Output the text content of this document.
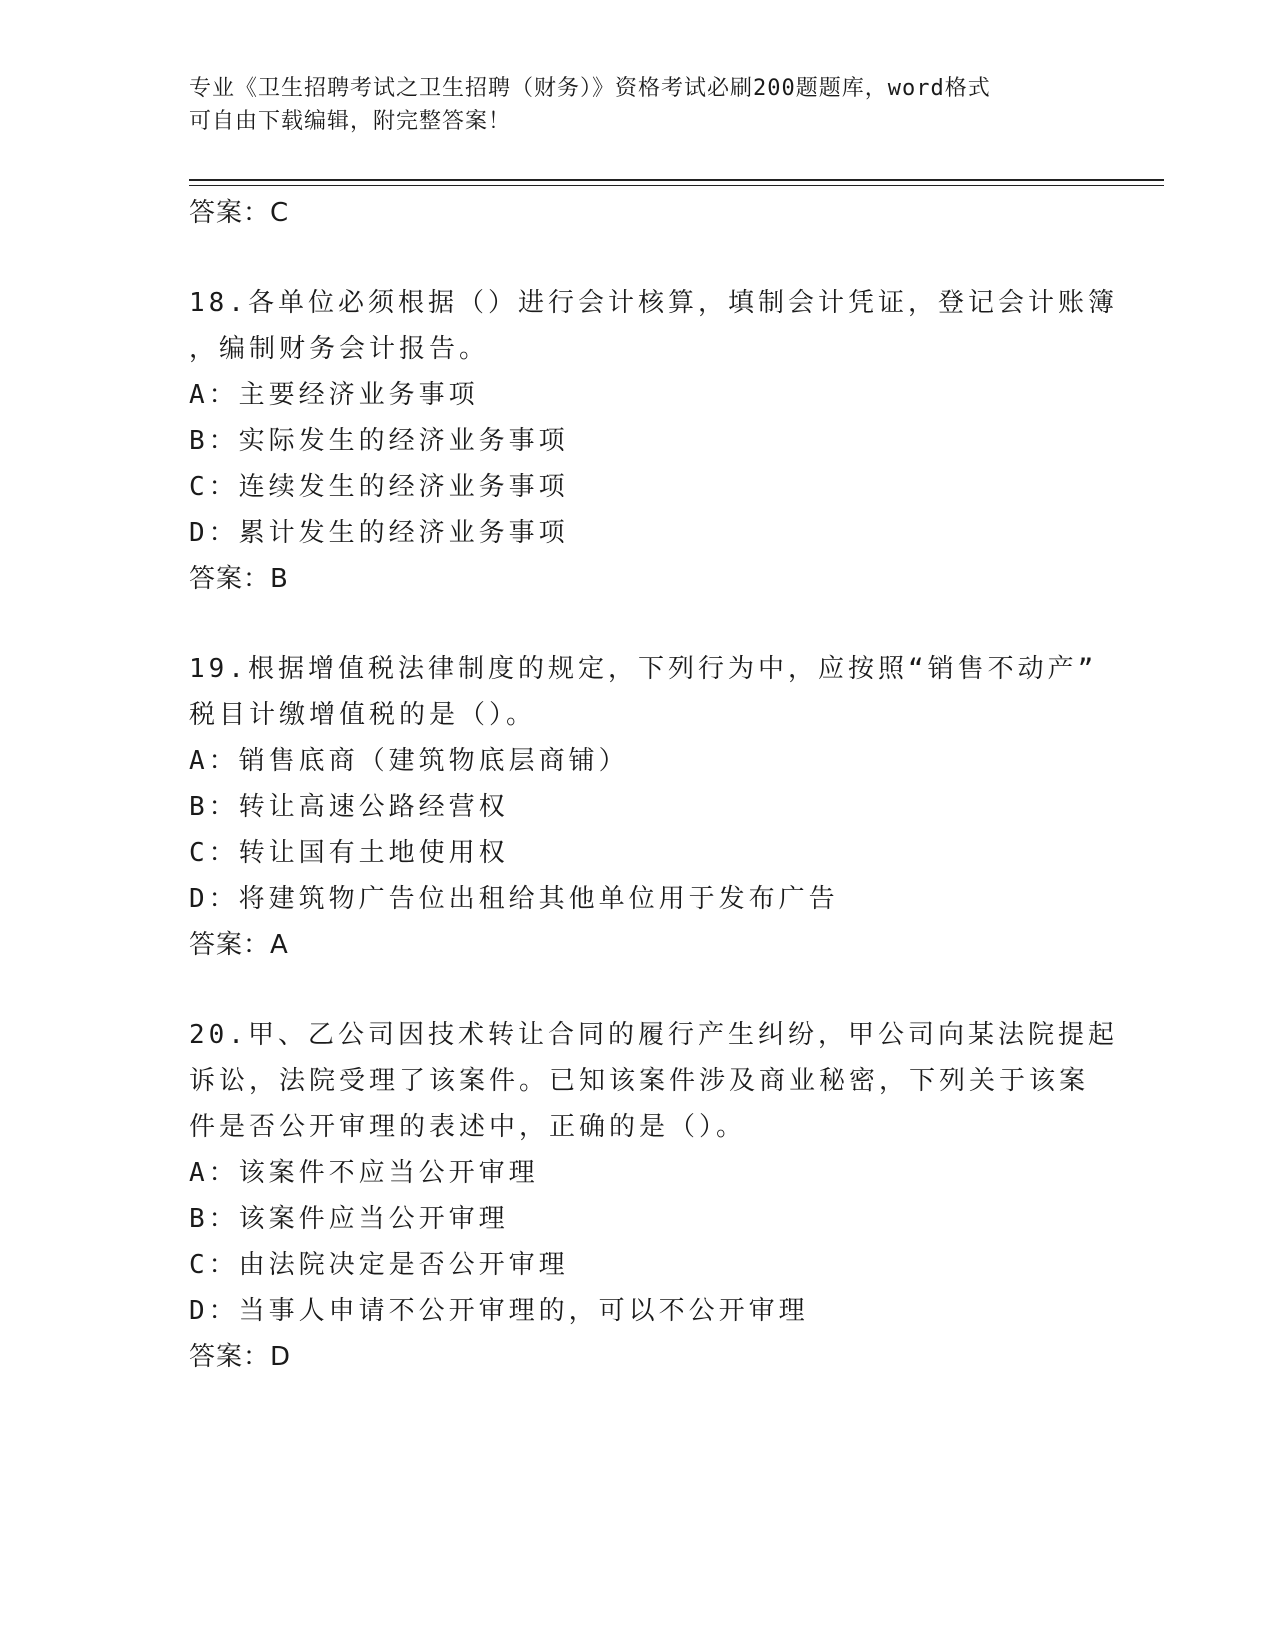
专业《卫生招聘考试之卫生招聘（财务）》资格考试必刷200题题库，word格式
可自由下载编辑，附完整答案！
答案：C
18.各单位必须根据（）进行会计核算，填制会计凭证，登记会计账簿
，编制财务会计报告。
A：主要经济业务事项
B：实际发生的经济业务事项
C：连续发生的经济业务事项
D：累计发生的经济业务事项
答案：B
19.根据增值税法律制度的规定，下列行为中，应按照“销售不动产”
税目计缴增值税的是（）。
A：销售底商（建筑物底层商铺）
B：转让高速公路经营权
C：转让国有土地使用权
D：将建筑物广告位出租给其他单位用于发布广告
答案：A
20.甲、乙公司因技术转让合同的履行产生纠纷，甲公司向某法院提起
诉讼，法院受理了该案件。已知该案件涉及商业秘密，下列关于该案
件是否公开审理的表述中，正确的是（）。
A：该案件不应当公开审理
B：该案件应当公开审理
C：由法院决定是否公开审理
D：当事人申请不公开审理的，可以不公开审理
答案：D
